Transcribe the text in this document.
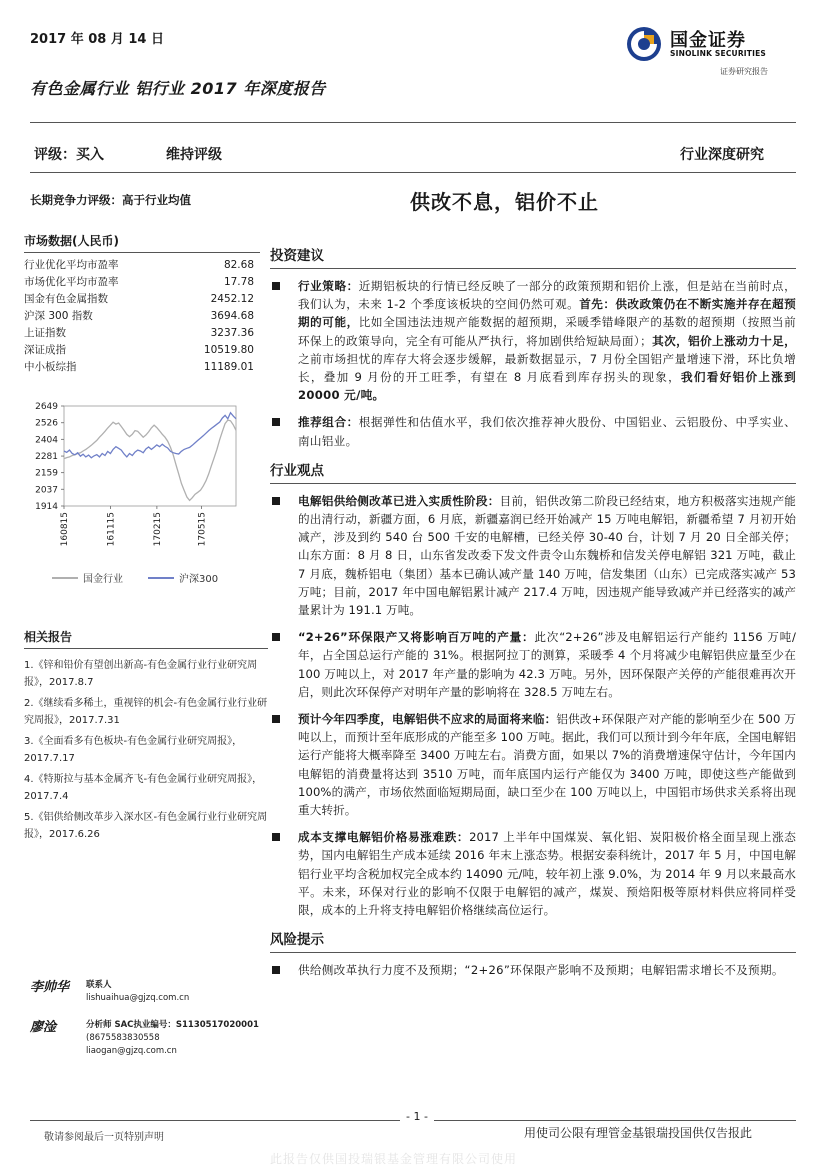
2017 年 08 月 14 日
有色金属行业 铝行业 2017 年深度报告
国金证券
SINOLINK SECURITIES
证券研究报告
评级：买入	维持评级	行业深度研究
长期竞争力评级：高于行业均值	供改不息，铝价不止
市场数据(人民币)
行业优化平均市盈率	82.68
市场优化平均市盈率	17.78
国金有色金属指数	2452.12
沪深 300 指数	3694.68
上证指数	3237.36
深证成指	10519.80
中小板综指	11189.01
2649
2526
2404
2281
2159
2037
1914
160815	161115	170215	170515
国金行业	沪深300
相关报告
1.《锌和铅价有望创出新高-有色金属行业行业研究周报》，2017.8.7
2.《继续看多稀土，重视锌的机会-有色金属行业行业研究周报》，2017.7.31
3.《全面看多有色板块-有色金属行业研究周报》，2017.7.17
4.《特斯拉与基本金属齐飞-有色金属行业研究周报》，2017.7.4
5.《铝供给侧改革步入深水区-有色金属行业行业研究周报》，2017.6.26
李帅华 联系人
lishuaihua@gjzq.com.cn
廖淦	分析师 SAC执业编号：S1130517020001
(8675583830558
liaogan@gjzq.com.cn
投资建议
行业策略：近期铝板块的行情已经反映了一部分的政策预期和铝价上涨，但是站在当前时点，我们认为，未来 1-2 个季度该板块的空间仍然可观。首先：供改政策仍在不断实施并存在超预期的可能，比如全国违法违规产能数据的超预期，采暖季错峰限产的基数的超预期（按照当前环保上的政策导向，完全有可能从严执行，将加剧供给短缺局面）；其次，铝价上涨动力十足，之前市场担忧的库存大将会逐步缓解，最新数据显示，7 月份全国铝产量增速下滑，环比负增长，叠加 9 月份的开工旺季，有望在 8 月底看到库存拐头的现象，我们看好铝价上涨到 20000 元/吨。
推荐组合：根据弹性和估值水平，我们依次推荐神火股份、中国铝业、云铝股份、中孚实业、南山铝业。
行业观点
电解铝供给侧改革已进入实质性阶段：目前，铝供改第二阶段已经结束，地方积极落实违规产能的出清行动，新疆方面，6 月底，新疆嘉润已经开始减产 15 万吨电解铝，新疆希望 7 月初开始减产，涉及到约 540 台 500 千安的电解槽，已经关停 30-40 台，计划 7 月 20 日全部关停；山东方面：8 月 8 日，山东省发改委下发文件责令山东魏桥和信发关停电解铝 321 万吨，截止 7 月底，魏桥铝电（集团）基本已确认减产量 140 万吨，信发集团（山东）已完成落实减产 53 万吨；目前，2017 年中国电解铝累计减产 217.4 万吨，因违规产能导致减产并已经落实的减产量累计为 191.1 万吨。
“2+26”环保限产又将影响百万吨的产量：此次“2+26”涉及电解铝运行产能约 1156 万吨/年，占全国总运行产能的 31%。根据阿拉丁的测算，采暖季 4 个月将减少电解铝供应量至少在 100 万吨以上，对 2017 年产量的影响为 42.3 万吨。另外，因环保限产关停的产能很难再次开启，则此次环保停产对明年产量的影响将在 328.5 万吨左右。
预计今年四季度，电解铝供不应求的局面将来临：铝供改+环保限产对产能的影响至少在 500 万吨以上，而预计至年底形成的产能至多 100 万吨。据此，我们可以预计到今年年底，全国电解铝运行产能将大概率降至 3400 万吨左右。消费方面，如果以 7%的消费增速保守估计，今年国内电解铝的消费量将达到 3510 万吨，而年底国内运行产能仅为 3400 万吨，即使这些产能做到 100%的满产，市场依然面临短期局面，缺口至少在 100 万吨以上，中国铝市场供求关系将出现重大转折。
成本支撑电解铝价格易涨难跌：2017 上半年中国煤炭、氧化铝、炭阳极价格全面呈现上涨态势，国内电解铝生产成本延续 2016 年末上涨态势。根据安泰科统计，2017 年 5 月，中国电解铝行业平均含税加权完全成本约 14090 元/吨，较年初上涨 9.0%，为 2014 年 9 月以来最高水平。未来，环保对行业的影响不仅限于电解铝的减产，煤炭、预焙阳极等原材料供应将同样受限，成本的上升将支持电解铝价格继续高位运行。
风险提示
供给侧改革执行力度不及预期；“2+26”环保限产影响不及预期；电解铝需求增长不及预期。
- 1 -
敬请参阅最后一页特别声明	用使司公限有理管金基银瑞投国供仅告报此
此报告仅供国投瑞银基金管理有限公司使用
